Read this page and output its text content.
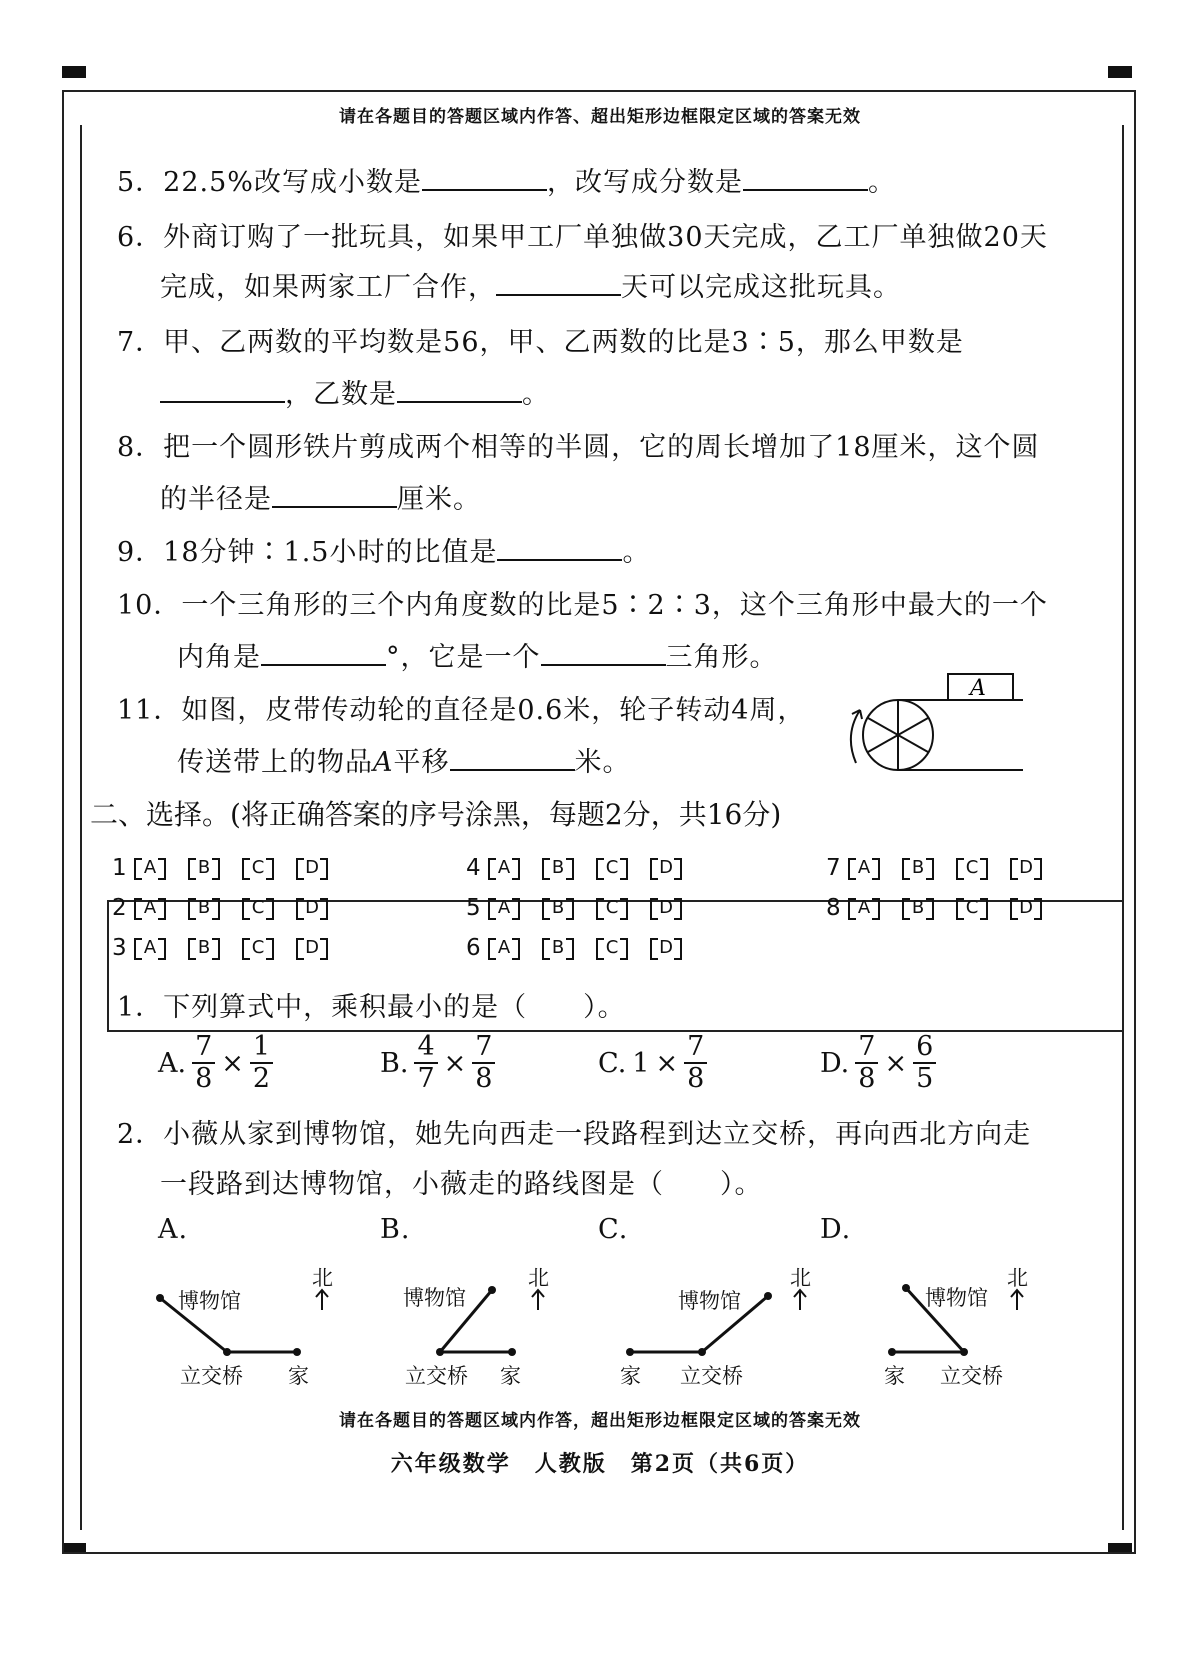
请在各题目的答题区域内作答、超出矩形边框限定区域的答案无效
5．22.5%改写成小数是	，改写成分数是	。
6．外商订购了一批玩具，如果甲工厂单独做30天完成，乙工厂单独做20天
完成，如果两家工厂合作，	天可以完成这批玩具。
7．甲、乙两数的平均数是56，甲、乙两数的比是3∶5，那么甲数是
，乙数是	。
8．把一个圆形铁片剪成两个相等的半圆，它的周长增加了18厘米，这个圆
的半径是	厘米。
9．18分钟∶1.5小时的比值是	。
10．一个三角形的三个内角度数的比是5∶2∶3，这个三角形中最大的一个
内角是	°，它是一个	三角形。
11．如图，皮带传动轮的直径是0.6米，轮子转动4周，
传送带上的物品A平移	米。
A
二、选择。(将正确答案的序号涂黑，每题2分，共16分)
1 A	B	C	D	4 A	B	C	D	7 A	B	C	D
2 A	B	C	D	5 A	B	C	D	8 A	B	C	D
3 A	B	C	D	6 A	B	C	D
1．下列算式中，乘积最小的是（　　）。
A. $\frac{7}{8} \times \frac{1}{2}$	B. $\frac{4}{7} \times \frac{7}{8}$	C. $1 \times \frac{7}{8}$	D. $\frac{7}{8} \times \frac{6}{5}$
2．小薇从家到博物馆，她先向西走一段路程到达立交桥，再向西北方向走
一段路到达博物馆，小薇走的路线图是（　　）。
A.	B.	C.	D.
博物馆
立交桥 家
北
博物馆
立交桥 家
北
博物馆
家 立交桥
北
博物馆
家 立交桥
北
请在各题目的答题区域内作答，超出矩形边框限定区域的答案无效
六年级数学　人教版　第2页（共6页）
